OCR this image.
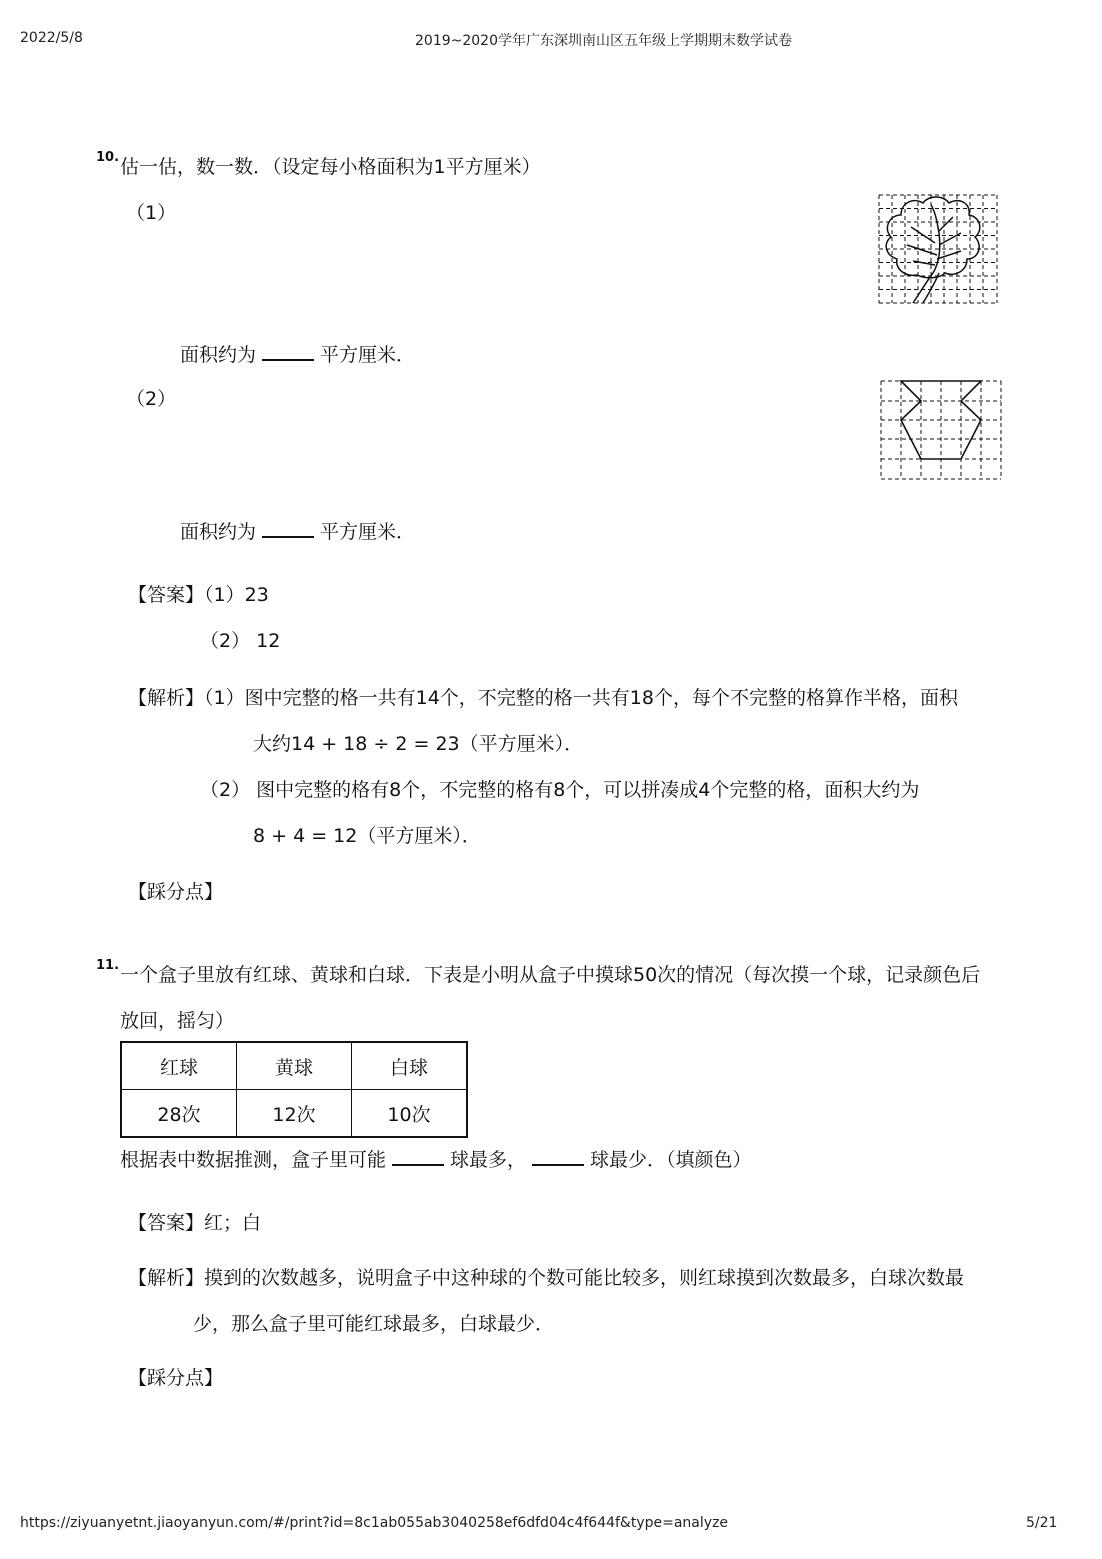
2022/5/8	2019~2020学年广东深圳南山区五年级上学期期末数学试卷
10. 估一估，数一数．（设定每小格面积为1平方厘米）
（1）
面积约为	平方厘米．
（2）
面积约为	平方厘米．
【答案】（1）23
（2） 12
【解析】（1）图中完整的格一共有14个，不完整的格一共有18个，每个不完整的格算作半格，面积
大约14 + 18 ÷ 2 = 23（平方厘米）．
（2） 图中完整的格有8个，不完整的格有8个，可以拼凑成4个完整的格，面积大约为
8 + 4 = 12（平方厘米）．
【踩分点】
11. 一个盒子里放有红球、黄球和白球．下表是小明从盒子中摸球50次的情况（每次摸一个球，记录颜色后
放回，摇匀）
红球	黄球	白球
28次	12次	10次
根据表中数据推测，盒子里可能	球最多，	球最少．（填颜色）
【答案】红；白
【解析】摸到的次数越多，说明盒子中这种球的个数可能比较多，则红球摸到次数最多，白球次数最
少，那么盒子里可能红球最多，白球最少．
【踩分点】
https://ziyuanyetnt.jiaoyanyun.com/#/print?id=8c1ab055ab3040258ef6dfd04c4f644f&type=analyze	5/21
